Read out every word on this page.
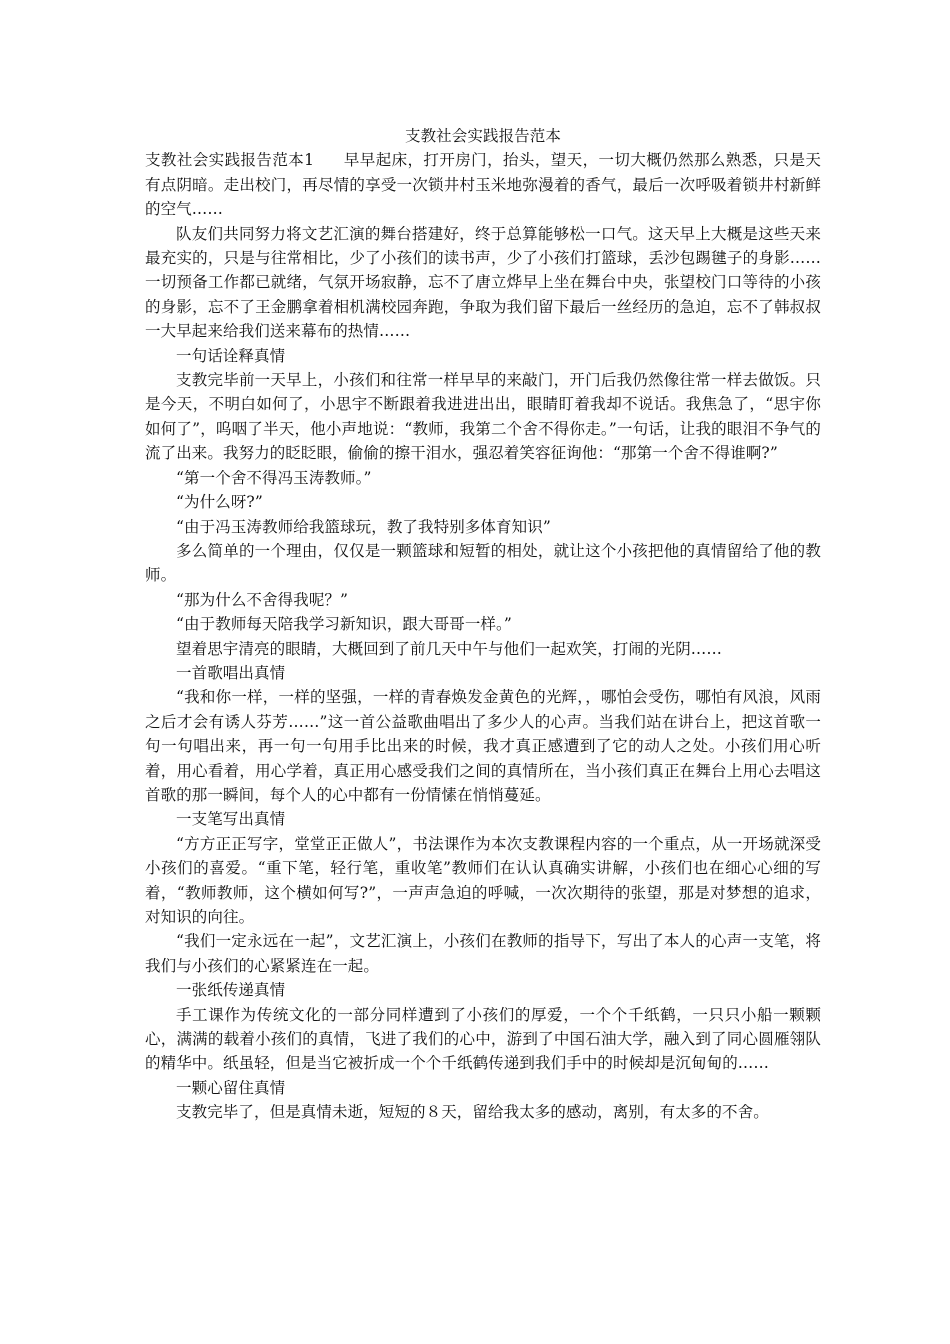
支教社会实践报告范本

支教社会实践报告范本1 早早起床，打开房门，抬头，望天，一切大概仍然那么熟悉，只是天有点阴暗。走出校门，再尽情的享受一次锁井村玉米地弥漫着的香气，最后一次呼吸着锁井村新鲜的空气……

队友们共同努力将文艺汇演的舞台搭建好，终于总算能够松一口气。这天早上大概是这些天来最充实的，只是与往常相比，少了小孩们的读书声，少了小孩们打篮球，丢沙包踢毽子的身影……一切预备工作都已就绪，气氛开场寂静，忘不了唐立烨早上坐在舞台中央，张望校门口等待的小孩的身影，忘不了王金鹏拿着相机满校园奔跑，争取为我们留下最后一丝经历的急迫，忘不了韩叔叔一大早起来给我们送来幕布的热情……

一句话诠释真情

支教完毕前一天早上，小孩们和往常一样早早的来敲门，开门后我仍然像往常一样去做饭。只是今天，不明白如何了，小思宇不断跟着我进进出出，眼睛盯着我却不说话。我焦急了，“思宇你如何了”，呜咽了半天，他小声地说：“教师，我第二个舍不得你走。”一句话，让我的眼泪不争气的流了出来。我努力的眨眨眼，偷偷的擦干泪水，强忍着笑容征询他：“那第一个舍不得谁啊?”

“第一个舍不得冯玉涛教师。”

“为什么呀?”

“由于冯玉涛教师给我篮球玩，教了我特别多体育知识”

多么简单的一个理由，仅仅是一颗篮球和短暂的相处，就让这个小孩把他的真情留给了他的教师。

“那为什么不舍得我呢？”

“由于教师每天陪我学习新知识，跟大哥哥一样。”

望着思宇清亮的眼睛，大概回到了前几天中午与他们一起欢笑，打闹的光阴……

一首歌唱出真情

“我和你一样，一样的坚强，一样的青春焕发金黄色的光辉，，哪怕会受伤，哪怕有风浪，风雨之后才会有诱人芬芳……”这一首公益歌曲唱出了多少人的心声。当我们站在讲台上，把这首歌一句一句唱出来，再一句一句用手比出来的时候，我才真正感遭到了它的动人之处。小孩们用心听着，用心看着，用心学着，真正用心感受我们之间的真情所在，当小孩们真正在舞台上用心去唱这首歌的那一瞬间，每个人的心中都有一份情愫在悄悄蔓延。

一支笔写出真情

“方方正正写字，堂堂正正做人”，书法课作为本次支教课程内容的一个重点，从一开场就深受小孩们的喜爱。“重下笔，轻行笔，重收笔”教师们在认认真确实讲解，小孩们也在细心心细的写着，“教师教师，这个横如何写?”，一声声急迫的呼喊，一次次期待的张望，那是对梦想的追求，对知识的向往。

“我们一定永远在一起”，文艺汇演上，小孩们在教师的指导下，写出了本人的心声一支笔，将我们与小孩们的心紧紧连在一起。

一张纸传递真情

手工课作为传统文化的一部分同样遭到了小孩们的厚爱，一个个千纸鹤，一只只小船一颗颗心，满满的载着小孩们的真情，飞进了我们的心中，游到了中国石油大学，融入到了同心圆雁翎队的精华中。纸虽轻，但是当它被折成一个个千纸鹤传递到我们手中的时候却是沉甸甸的……

一颗心留住真情

支教完毕了，但是真情未逝，短短的８天，留给我太多的感动，离别，有太多的不舍。
